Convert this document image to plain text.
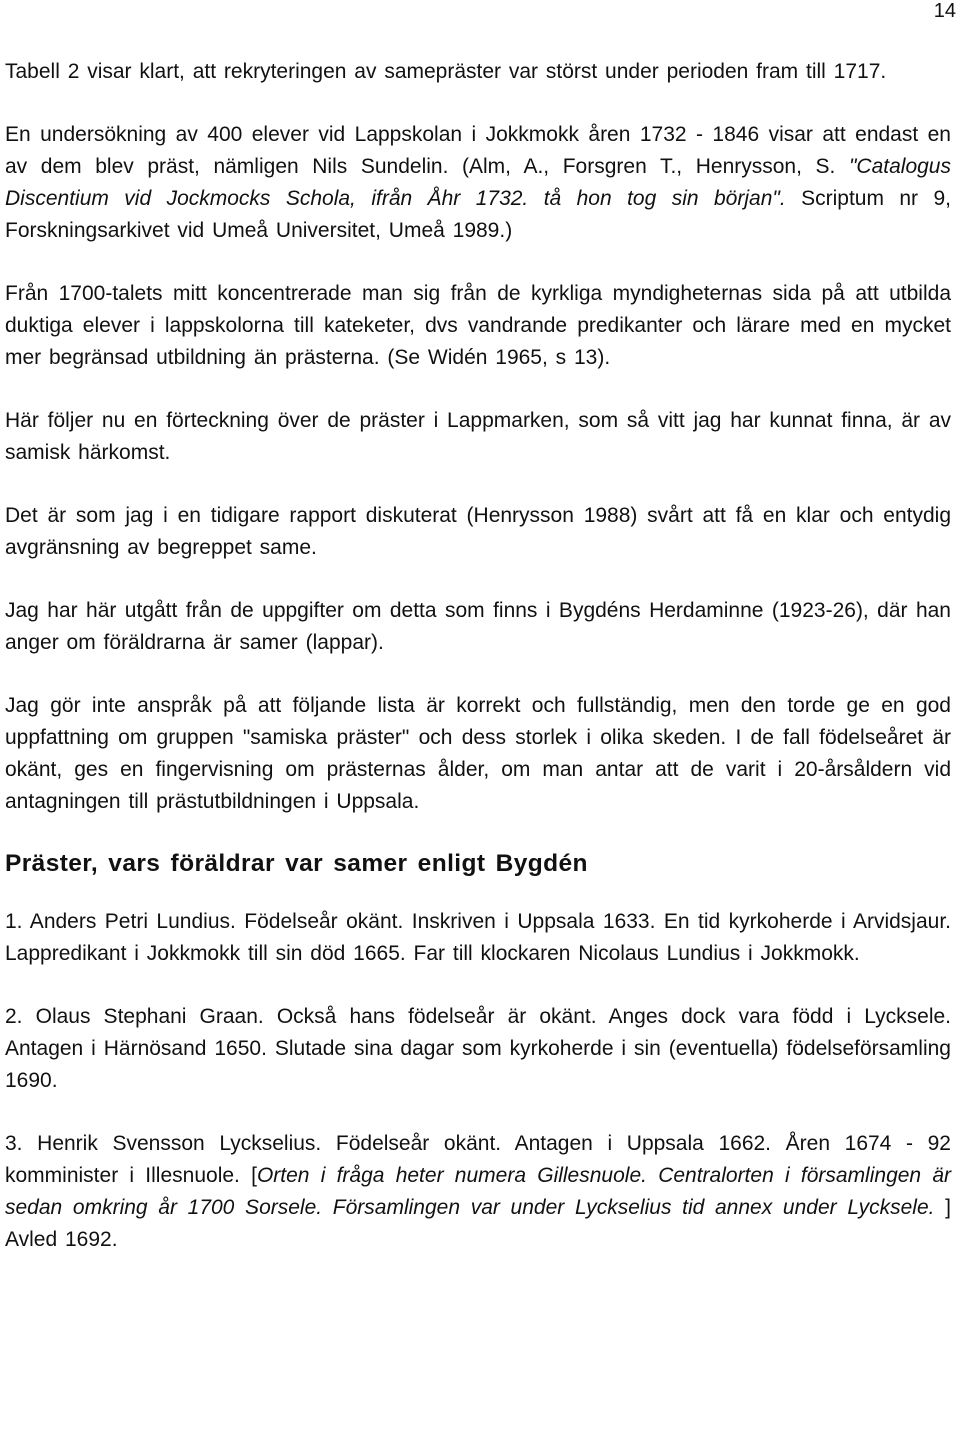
14

Tabell 2 visar klart, att rekryteringen av samepräster var störst under perioden fram till 1717.

En undersökning av 400 elever vid Lappskolan i Jokkmokk åren 1732 - 1846 visar att endast en av dem blev präst, nämligen Nils Sundelin. (Alm, A., Forsgren T., Henrysson, S. "Catalogus Discentium vid Jockmocks Schola, ifrån Åhr 1732. tå hon tog sin början". Scriptum nr 9, Forskningsarkivet vid Umeå Universitet, Umeå 1989.)

Från 1700-talets mitt koncentrerade man sig från de kyrkliga myndigheternas sida på att utbilda duktiga elever i lappskolorna till kateketer, dvs vandrande predikanter och lärare med en mycket mer begränsad utbildning än prästerna. (Se Widén 1965, s 13).

Här följer nu en förteckning över de präster i Lappmarken, som så vitt jag har kunnat finna, är av samisk härkomst.

Det är som jag i en tidigare rapport diskuterat (Henrysson 1988) svårt att få en klar och entydig avgränsning av begreppet same.

Jag har här utgått från de uppgifter om detta som finns i Bygdéns Herdaminne (1923-26), där han anger om föräldrarna är samer (lappar).

Jag gör inte anspråk på att följande lista är korrekt och fullständig, men den torde ge en god uppfattning om gruppen "samiska präster" och dess storlek i olika skeden. I de fall födelseåret är okänt, ges en fingervisning om prästernas ålder, om man antar att de varit i 20-årsåldern vid antagningen till prästutbildningen i Uppsala.

Präster, vars föräldrar var samer enligt Bygdén

1. Anders Petri Lundius. Födelseår okänt. Inskriven i Uppsala 1633. En tid kyrkoherde i Arvidsjaur. Lappredikant i Jokkmokk till sin död 1665. Far till klockaren Nicolaus Lundius i Jokkmokk.

2. Olaus Stephani Graan. Också hans födelseår är okänt. Anges dock vara född i Lycksele. Antagen i Härnösand 1650. Slutade sina dagar som kyrkoherde i sin (eventuella) födelseförsamling 1690.

3. Henrik Svensson Lyckselius. Födelseår okänt. Antagen i Uppsala 1662. Åren 1674 - 92 komminister i Illesnuole. [Orten i fråga heter numera Gillesnuole. Centralorten i församlingen är sedan omkring år 1700 Sorsele. Församlingen var under Lyckselius tid annex under Lycksele. ] Avled 1692.
